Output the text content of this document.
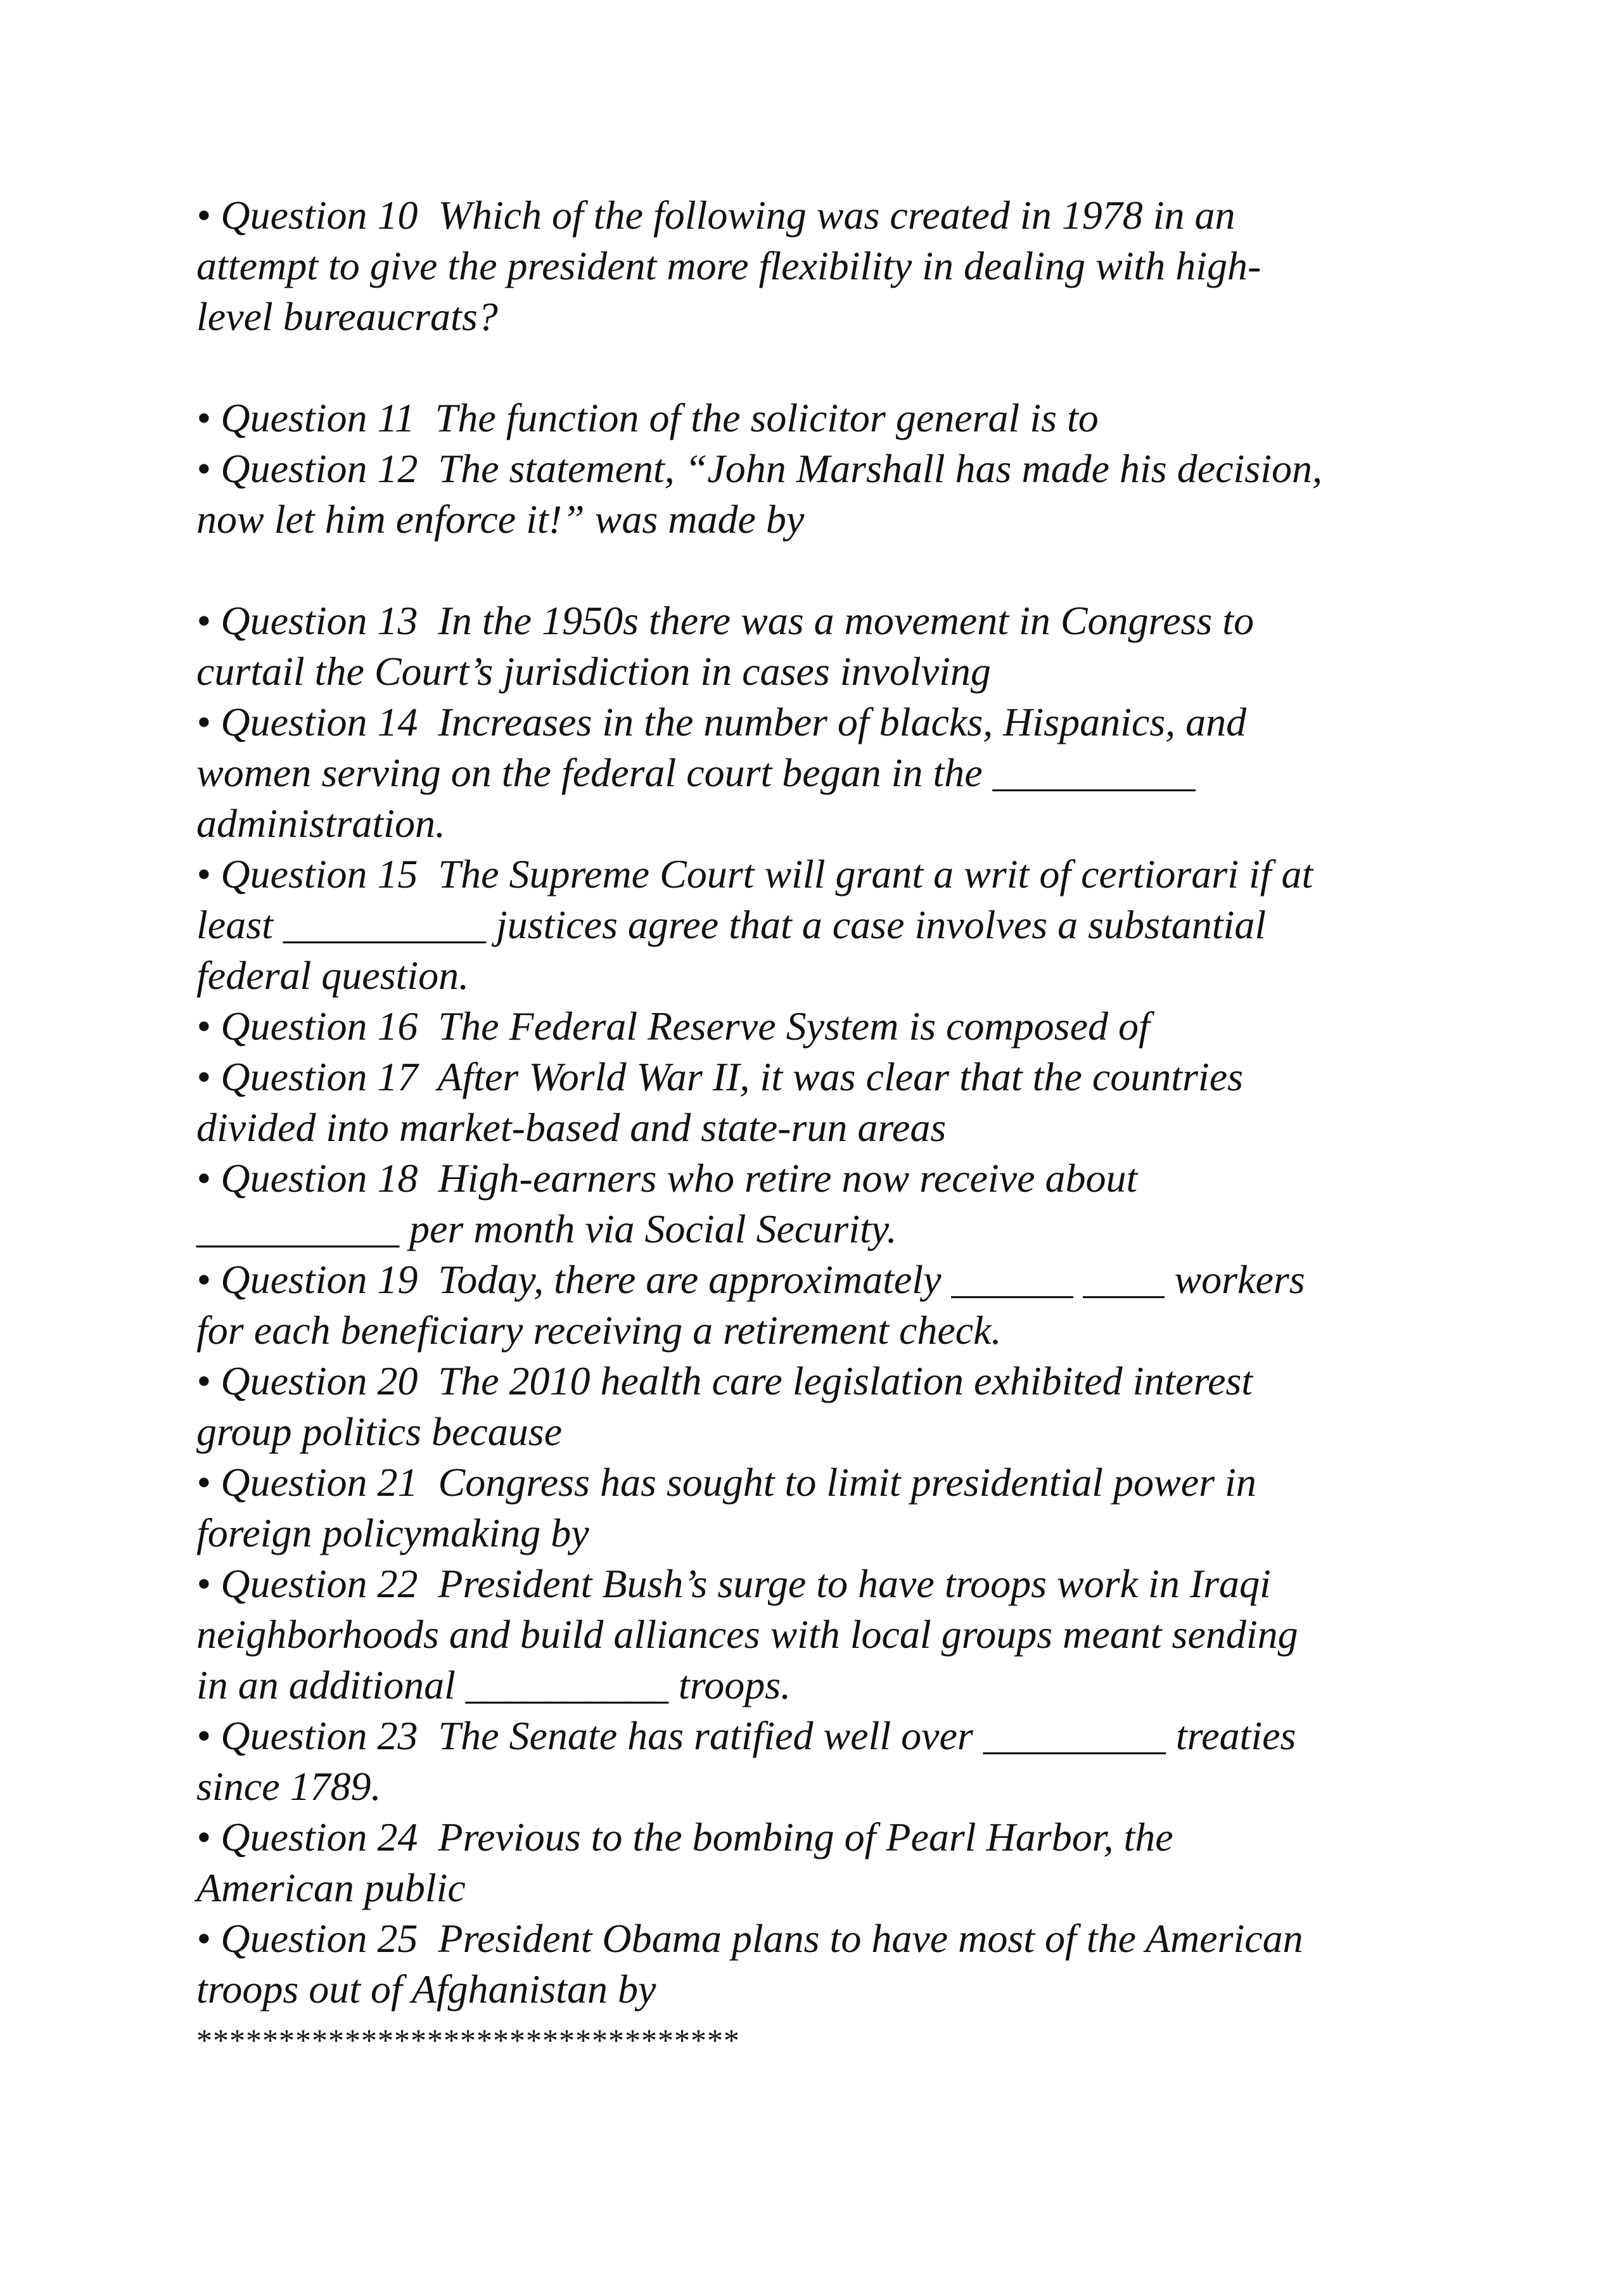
• Question 10  Which of the following was created in 1978 in an
attempt to give the president more flexibility in dealing with high-
level bureaucrats?
• Question 11  The function of the solicitor general is to
• Question 12  The statement, “John Marshall has made his decision,
now let him enforce it!” was made by
• Question 13  In the 1950s there was a movement in Congress to
curtail the Court’s jurisdiction in cases involving
• Question 14  Increases in the number of blacks, Hispanics, and
women serving on the federal court began in the __________
administration.
• Question 15  The Supreme Court will grant a writ of certiorari if at
least __________ justices agree that a case involves a substantial
federal question.
• Question 16  The Federal Reserve System is composed of
• Question 17  After World War II, it was clear that the countries
divided into market-based and state-run areas
• Question 18  High-earners who retire now receive about
__________ per month via Social Security.
• Question 19  Today, there are approximately ______ ____ workers
for each beneficiary receiving a retirement check.
• Question 20  The 2010 health care legislation exhibited interest
group politics because
• Question 21  Congress has sought to limit presidential power in
foreign policymaking by
• Question 22  President Bush’s surge to have troops work in Iraqi
neighborhoods and build alliances with local groups meant sending
in an additional __________ troops.
• Question 23  The Senate has ratified well over _________ treaties
since 1789.
• Question 24  Previous to the bombing of Pearl Harbor, the
American public
• Question 25  President Obama plans to have most of the American
troops out of Afghanistan by
*********************************
